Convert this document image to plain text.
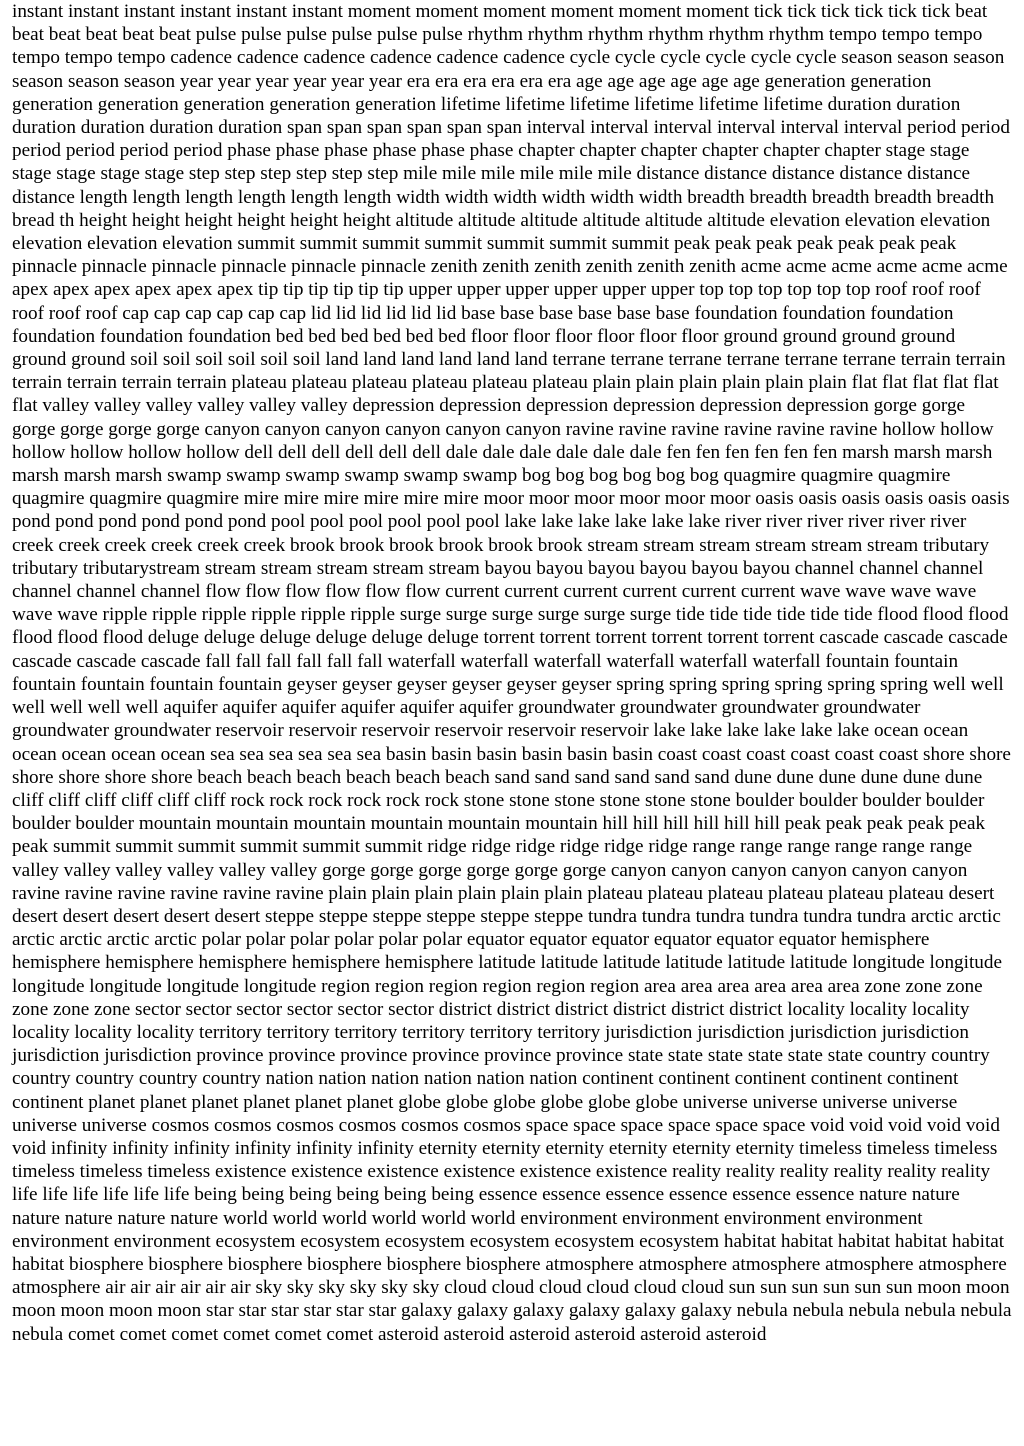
instant instant instant instant instant instant moment moment moment moment moment moment tick tick tick tick tick tick beat beat beat beat beat beat pulse pulse pulse pulse pulse pulse rhythm rhythm rhythm rhythm rhythm rhythm tempo tempo tempo tempo tempo tempo cadence cadence cadence cadence cadence cadence cycle cycle cycle cycle cycle cycle season season season season season season year year year year year year era era era era era era age age age age age age generation generation generation generation generation generation generation lifetime lifetime lifetime lifetime lifetime lifetime duration duration duration duration duration duration span span span span span span interval interval interval interval interval interval period period period period period period phase phase phase phase phase phase chapter chapter chapter chapter chapter chapter stage stage stage stage stage stage step step step step step step mile mile mile mile mile mile distance distance distance distance distance distance length length length length length length width width width width width width breadth breadth breadth breadth breadth bread th height height height height height height altitude altitude altitude altitude altitude altitude elevation elevation elevation elevation elevation elevation summit summit summit summit summit summit summit peak peak peak peak peak peak peak pinnacle pinnacle pinnacle pinnacle pinnacle pinnacle zenith zenith zenith zenith zenith zenith acme acme acme acme acme acme apex apex apex apex apex apex tip tip tip tip tip tip upper upper upper upper upper upper top top top top top top roof roof roof roof roof roof cap cap cap cap cap cap lid lid lid lid lid lid base base base base base base foundation foundation foundation foundation foundation foundation bed bed bed bed bed bed floor floor floor floor floor floor ground ground ground ground ground ground soil soil soil soil soil soil land land land land land land terrane terrane terrane terrane terrane terrane terrain terrain terrain terrain terrain terrain plateau plateau plateau plateau plateau plateau plain plain plain plain plain plain flat flat flat flat flat flat valley valley valley valley valley valley depression depression depression depression depression depression gorge gorge gorge gorge gorge gorge canyon canyon canyon canyon canyon canyon ravine ravine ravine ravine ravine ravine hollow hollow hollow hollow hollow hollow dell dell dell dell dell dell dale dale dale dale dale dale fen fen fen fen fen fen marsh marsh marsh marsh marsh marsh swamp swamp swamp swamp swamp swamp bog bog bog bog bog bog quagmire quagmire quagmire quagmire quagmire quagmire mire mire mire mire mire mire moor moor moor moor moor moor oasis oasis oasis oasis oasis oasis pond pond pond pond pond pond pool pool pool pool pool pool lake lake lake lake lake lake river river river river river river creek creek creek creek creek creek brook brook brook brook brook brook stream stream stream stream stream stream tributary tributary tributarystream stream stream stream stream stream bayou bayou bayou bayou bayou bayou channel channel channel channel channel channel flow flow flow flow flow flow current current current current current current wave wave wave wave wave wave ripple ripple ripple ripple ripple ripple surge surge surge surge surge surge tide tide tide tide tide tide flood flood flood flood flood flood deluge deluge deluge deluge deluge deluge torrent torrent torrent torrent torrent torrent cascade cascade cascade cascade cascade cascade fall fall fall fall fall fall waterfall waterfall waterfall waterfall waterfall waterfall fountain fountain fountain fountain fountain fountain geyser geyser geyser geyser geyser geyser spring spring spring spring spring spring well well well well well well aquifer aquifer aquifer aquifer aquifer aquifer groundwater groundwater groundwater groundwater groundwater groundwater reservoir reservoir reservoir reservoir reservoir reservoir lake lake lake lake lake lake ocean ocean ocean ocean ocean ocean sea sea sea sea sea sea basin basin basin basin basin basin coast coast coast coast coast coast shore shore shore shore shore shore beach beach beach beach beach beach sand sand sand sand sand sand dune dune dune dune dune dune cliff cliff cliff cliff cliff cliff rock rock rock rock rock rock stone stone stone stone stone stone boulder boulder boulder boulder boulder boulder mountain mountain mountain mountain mountain mountain hill hill hill hill hill hill peak peak peak peak peak peak summit summit summit summit summit summit ridge ridge ridge ridge ridge ridge range range range range range range valley valley valley valley valley valley gorge gorge gorge gorge gorge gorge canyon canyon canyon canyon canyon canyon ravine ravine ravine ravine ravine ravine plain plain plain plain plain plain plateau plateau plateau plateau plateau plateau desert desert desert desert desert desert steppe steppe steppe steppe steppe steppe tundra tundra tundra tundra tundra tundra arctic arctic arctic arctic arctic arctic polar polar polar polar polar polar equator equator equator equator equator equator hemisphere hemisphere hemisphere hemisphere hemisphere hemisphere latitude latitude latitude latitude latitude latitude longitude longitude longitude longitude longitude longitude region region region region region region area area area area area area zone zone zone zone zone zone sector sector sector sector sector sector district district district district district district locality locality locality locality locality locality territory territory territory territory territory territory jurisdiction jurisdiction jurisdiction jurisdiction jurisdiction jurisdiction province province province province province province state state state state state state country country country country country country nation nation nation nation nation nation continent continent continent continent continent continent planet planet planet planet planet planet globe globe globe globe globe globe universe universe universe universe universe universe cosmos cosmos cosmos cosmos cosmos cosmos space space space space space space void void void void void void infinity infinity infinity infinity infinity infinity eternity eternity eternity eternity eternity eternity timeless timeless timeless timeless timeless timeless existence existence existence existence existence existence reality reality reality reality reality reality life life life life life life being being being being being being essence essence essence essence essence essence nature nature nature nature nature nature world world world world world world environment environment environment environment environment environment ecosystem ecosystem ecosystem ecosystem ecosystem ecosystem habitat habitat habitat habitat habitat habitat biosphere biosphere biosphere biosphere biosphere biosphere atmosphere atmosphere atmosphere atmosphere atmosphere atmosphere air air air air air air sky sky sky sky sky sky cloud cloud cloud cloud cloud cloud sun sun sun sun sun sun moon moon moon moon moon moon star star star star star star galaxy galaxy galaxy galaxy galaxy galaxy nebula nebula nebula nebula nebula nebula comet comet comet comet comet comet asteroid asteroid asteroid asteroid asteroid asteroid
